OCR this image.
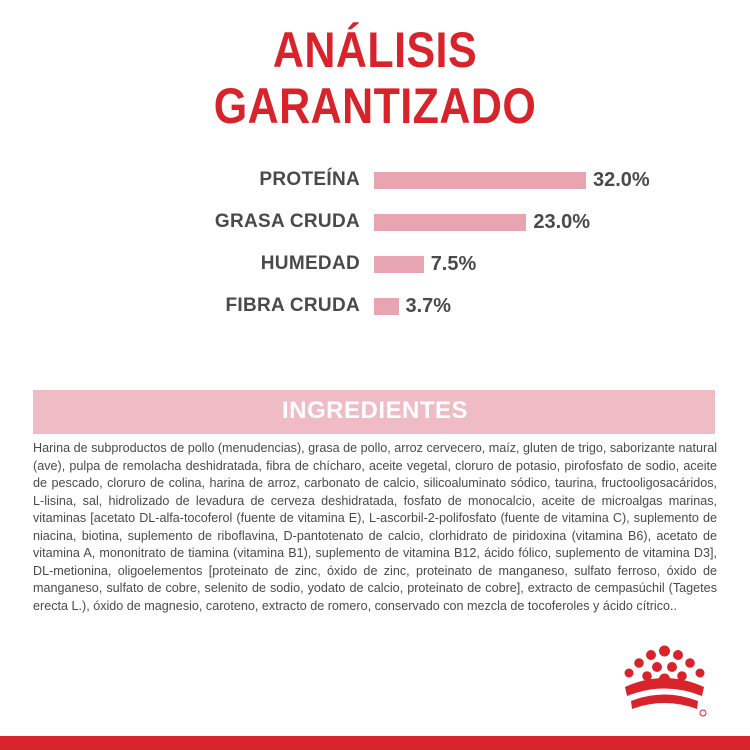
ANÁLISIS
GARANTIZADO
PROTEÍNA	32.0%
GRASA CRUDA	23.0%
HUMEDAD	7.5%
FIBRA CRUDA 3.7%
INGREDIENTES
Harina de subproductos de pollo (menudencias), grasa de pollo, arroz cervecero, maíz, gluten de trigo, saborizante natural (ave), pulpa de remolacha deshidratada, fibra de chícharo, aceite vegetal, cloruro de potasio, pirofosfato de sodio, aceite de pescado, cloruro de colina, harina de arroz, carbonato de calcio, silicoaluminato sódico, taurina, fructooligosacáridos, L-lisina, sal, hidrolizado de levadura de cerveza deshidratada, fosfato de monocalcio, aceite de microalgas marinas, vitaminas [acetato DL-alfa-tocoferol (fuente de vitamina E), L-ascorbil-2-polifosfato (fuente de vitamina C), suplemento de niacina, biotina, suplemento de riboflavina, D-pantotenato de calcio, clorhidrato de piridoxina (vitamina B6), acetato de vitamina A, mononitrato de tiamina (vitamina B1), suplemento de vitamina B12, ácido fólico, suplemento de vitamina D3], DL-metionina, oligoelementos [proteinato de zinc, óxido de zinc, proteinato de manganeso, sulfato ferroso, óxido de manganeso, sulfato de cobre, selenito de sodio, yodato de calcio, proteinato de cobre], extracto de cempasúchil (Tagetes erecta L.), óxido de magnesio, caroteno, extracto de romero, conservado con mezcla de tocoferoles y ácido cítrico..
